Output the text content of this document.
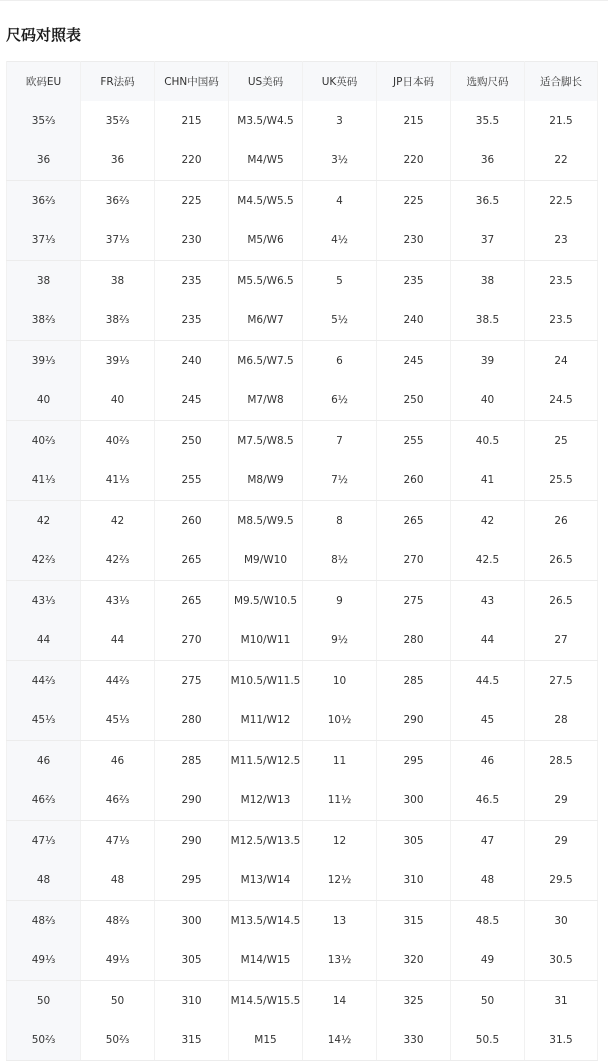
尺码对照表
欧码EU	FR法码	CHN中国码	US美码	UK英码	JP日本码	选购尺码	适合脚长
35⅔	35⅔	215	M3.5/W4.5	3	215	35.5	21.5
36	36	220	M4/W5	3½	220	36	22
36⅔	36⅔	225	M4.5/W5.5	4	225	36.5	22.5
37⅓	37⅓	230	M5/W6	4½	230	37	23
38	38	235	M5.5/W6.5	5	235	38	23.5
38⅔	38⅔	235	M6/W7	5½	240	38.5	23.5
39⅓	39⅓	240	M6.5/W7.5	6	245	39	24
40	40	245	M7/W8	6½	250	40	24.5
40⅔	40⅔	250	M7.5/W8.5	7	255	40.5	25
41⅓	41⅓	255	M8/W9	7½	260	41	25.5
42	42	260	M8.5/W9.5	8	265	42	26
42⅔	42⅔	265	M9/W10	8½	270	42.5	26.5
43⅓	43⅓	265	M9.5/W10.5	9	275	43	26.5
44	44	270	M10/W11	9½	280	44	27
44⅔	44⅔	275	M10.5/W11.5	10	285	44.5	27.5
45⅓	45⅓	280	M11/W12	10½	290	45	28
46	46	285	M11.5/W12.5	11	295	46	28.5
46⅔	46⅔	290	M12/W13	11½	300	46.5	29
47⅓	47⅓	290	M12.5/W13.5	12	305	47	29
48	48	295	M13/W14	12½	310	48	29.5
48⅔	48⅔	300	M13.5/W14.5	13	315	48.5	30
49⅓	49⅓	305	M14/W15	13½	320	49	30.5
50	50	310	M14.5/W15.5	14	325	50	31
50⅔	50⅔	315	M15	14½	330	50.5	31.5
